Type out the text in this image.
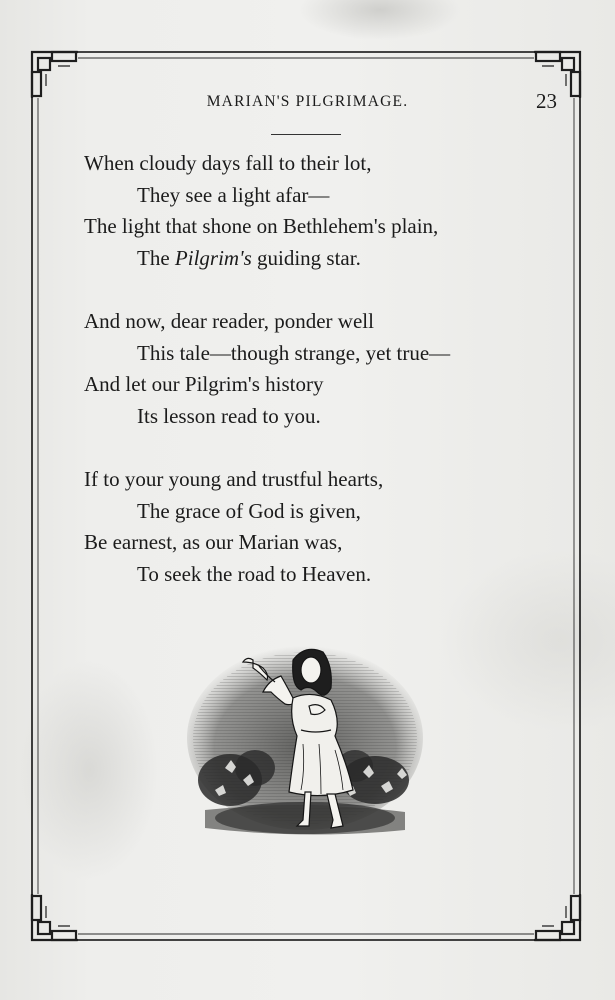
MARIAN'S PILGRIMAGE.	23
When cloudy days fall to their lot,
They see a light afar—
The light that shone on Bethlehem's plain,
The Pilgrim's guiding star.
And now, dear reader, ponder well
This tale—though strange, yet true—
And let our Pilgrim's history
Its lesson read to you.
If to your young and trustful hearts,
The grace of God is given,
Be earnest, as our Marian was,
To seek the road to Heaven.
